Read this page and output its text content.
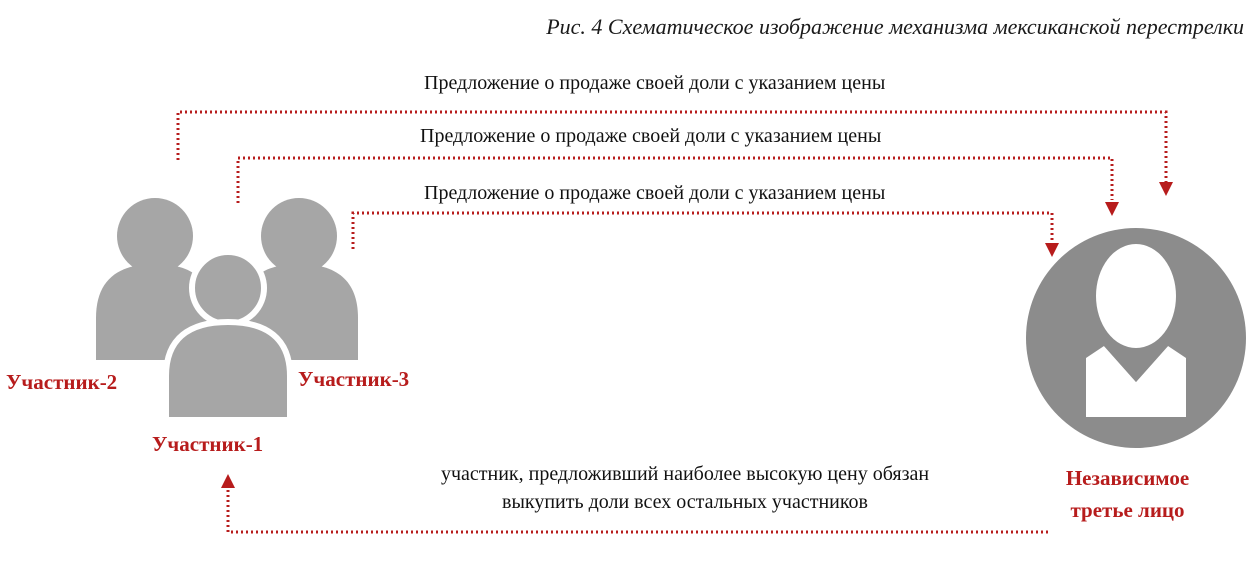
Рис. 4 Схематическое изображение механизма мексиканской перестрелки
Предложение о продаже своей доли с указанием цены
Предложение о продаже своей доли с указанием цены
Предложение о продаже своей доли с указанием цены
Участник-1
Участник-2	Участник-3
участник, предложивший наиболее высокую цену обязан
выкупить доли всех остальных участников
Независимое
третье лицо
